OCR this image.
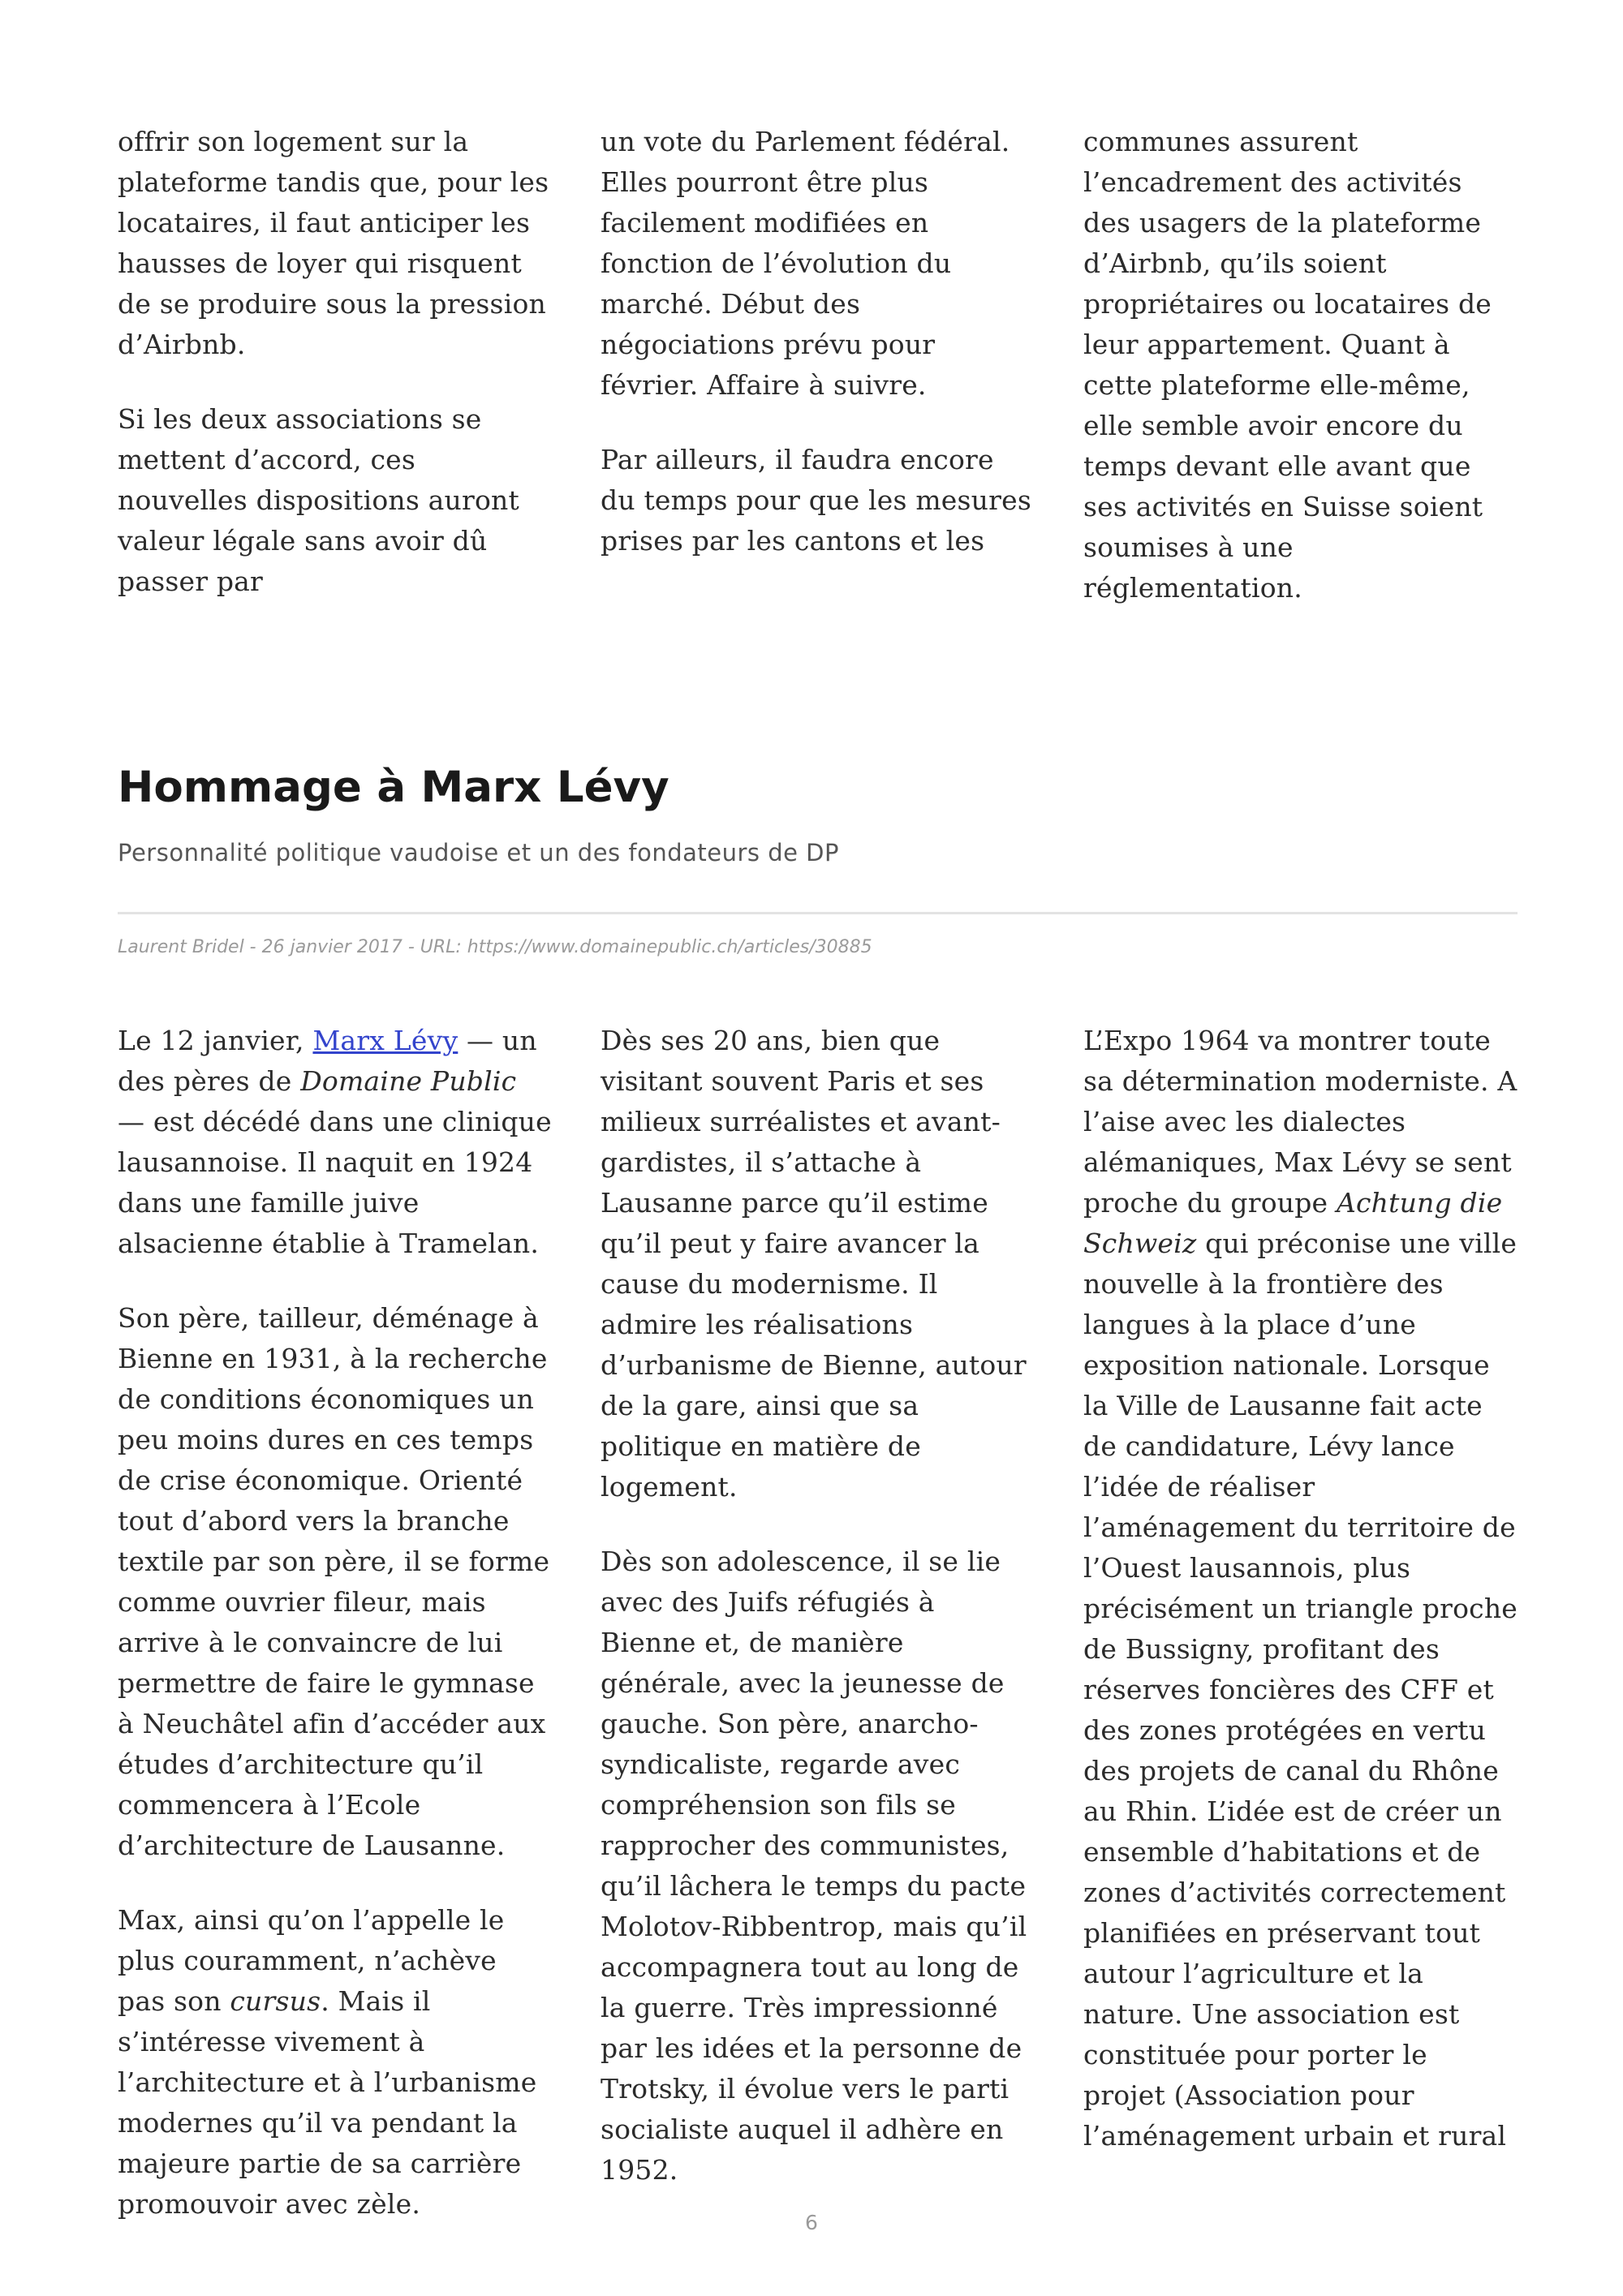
offrir son logement sur la plateforme tandis que, pour les locataires, il faut anticiper les hausses de loyer qui risquent de se produire sous la pression d’Airbnb.

Si les deux associations se mettent d’accord, ces nouvelles dispositions auront valeur légale sans avoir dû passer par

un vote du Parlement fédéral. Elles pourront être plus facilement modifiées en fonction de l’évolution du marché. Début des négociations prévu pour février. Affaire à suivre.

Par ailleurs, il faudra encore du temps pour que les mesures prises par les cantons et les

communes assurent l’encadrement des activités des usagers de la plateforme d’Airbnb, qu’ils soient propriétaires ou locataires de leur appartement. Quant à cette plateforme elle-même, elle semble avoir encore du temps devant elle avant que ses activités en Suisse soient soumises à une réglementation.

Hommage à Marx Lévy

Personnalité politique vaudoise et un des fondateurs de DP

Laurent Bridel - 26 janvier 2017 - URL: https://www.domainepublic.ch/articles/30885

Le 12 janvier, Marx Lévy — un des pères de Domaine Public — est décédé dans une clinique lausannoise. Il naquit en 1924 dans une famille juive alsacienne établie à Tramelan.

Son père, tailleur, déménage à Bienne en 1931, à la recherche de conditions économiques un peu moins dures en ces temps de crise économique. Orienté tout d’abord vers la branche textile par son père, il se forme comme ouvrier fileur, mais arrive à le convaincre de lui permettre de faire le gymnase à Neuchâtel afin d’accéder aux études d’architecture qu’il commencera à l’Ecole d’architecture de Lausanne.

Max, ainsi qu’on l’appelle le plus couramment, n’achève pas son cursus. Mais il s’intéresse vivement à l’architecture et à l’urbanisme modernes qu’il va pendant la majeure partie de sa carrière promouvoir avec zèle.

Dès ses 20 ans, bien que visitant souvent Paris et ses milieux surréalistes et avant-gardistes, il s’attache à Lausanne parce qu’il estime qu’il peut y faire avancer la cause du modernisme. Il admire les réalisations d’urbanisme de Bienne, autour de la gare, ainsi que sa politique en matière de logement.

Dès son adolescence, il se lie avec des Juifs réfugiés à Bienne et, de manière générale, avec la jeunesse de gauche. Son père, anarcho-syndicaliste, regarde avec compréhension son fils se rapprocher des communistes, qu’il lâchera le temps du pacte Molotov-Ribbentrop, mais qu’il accompagnera tout au long de la guerre. Très impressionné par les idées et la personne de Trotsky, il évolue vers le parti socialiste auquel il adhère en 1952.

L’Expo 1964 va montrer toute sa détermination moderniste. A l’aise avec les dialectes alémaniques, Max Lévy se sent proche du groupe Achtung die Schweiz qui préconise une ville nouvelle à la frontière des langues à la place d’une exposition nationale. Lorsque la Ville de Lausanne fait acte de candidature, Lévy lance l’idée de réaliser l’aménagement du territoire de l’Ouest lausannois, plus précisément un triangle proche de Bussigny, profitant des réserves foncières des CFF et des zones protégées en vertu des projets de canal du Rhône au Rhin. L’idée est de créer un ensemble d’habitations et de zones d’activités correctement planifiées en préservant tout autour l’agriculture et la nature. Une association est constituée pour porter le projet (Association pour l’aménagement urbain et rural

6
